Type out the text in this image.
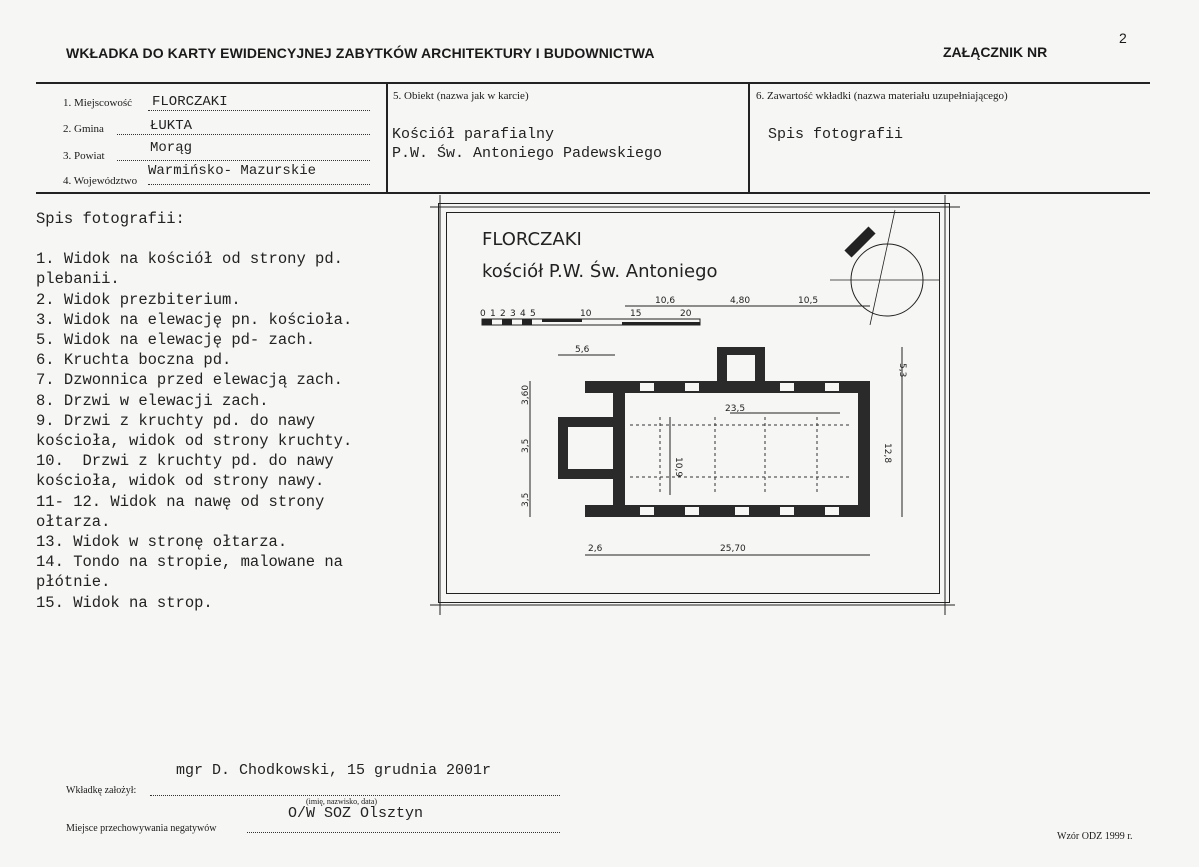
WKŁADKA DO KARTY EWIDENCYJNEJ ZABYTKÓW ARCHITEKTURY I BUDOWNICTWA	ZAŁĄCZNIK NR
2
1. Miejscowość FLORCZAKI
2. Gmina	ŁUKTA
3. Powiat	Morąg
4. Województwo
Warmińsko- Mazurskie
5. Obiekt (nazwa jak w karcie)
Kościół parafialny
P.W. Św. Antoniego Padewskiego
6. Zawartość wkładki (nazwa materiału uzupełniającego)
Spis fotografii
Spis fotografii:
1. Widok na kościół od strony pd. plebanii.
2. Widok prezbiterium.
3. Widok na elewację pn. kościoła.
5. Widok na elewację pd- zach.
6. Kruchta boczna pd.
7. Dzwonnica przed elewacją zach.
8. Drzwi w elewacji zach.
9. Drzwi z kruchty pd. do nawy kościoła, widok od strony kruchty.
10.  Drzwi z kruchty pd. do nawy kościoła, widok od strony nawy.
11- 12. Widok na nawę od strony ołtarza.
13. Widok w stronę ołtarza.
14. Tondo na stropie, malowane na płótnie.
15. Widok na strop.
FLORCZAKI
kościół P.W. Św. Antoniego
0 1 2 3 4 5	10	15	20
10,6	4,80	10,5
5,6
23,5
10,9
3,60
3,5
3,5
5,3
12,8
2,6	25,70
mgr D. Chodkowski, 15 grudnia 2001r
Wkładkę założył:
(imię, nazwisko, data)
O/W SOZ Olsztyn
Miejsce przechowywania negatywów
Wzór ODZ 1999 r.
